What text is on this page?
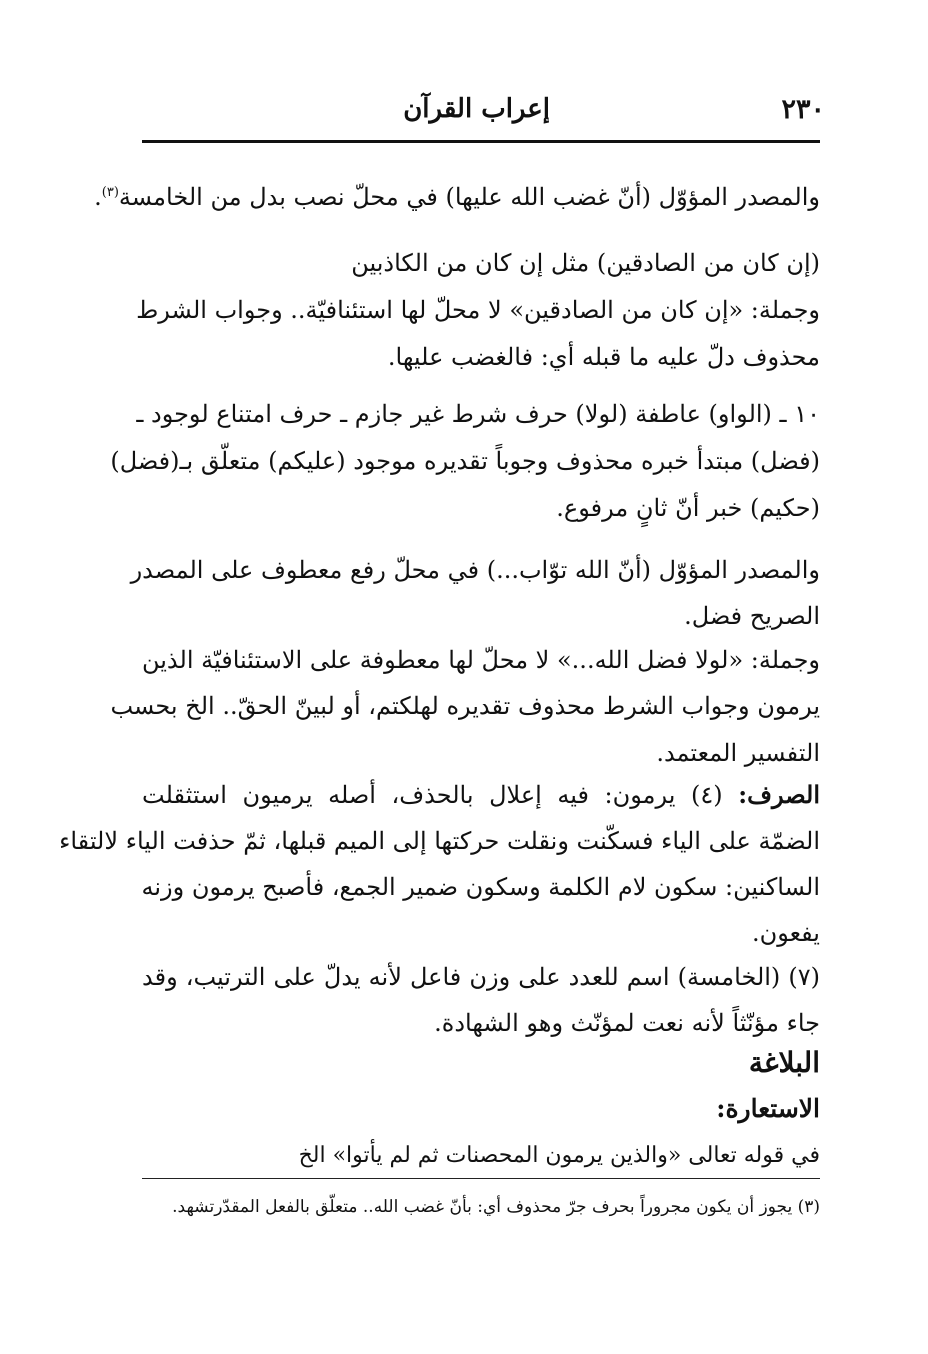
٢٣٠
إعراب القرآن
والمصدر المؤوّل (أنّ غضب الله عليها) في محلّ نصب بدل من الخامسة$^{(٣)}$.
(إن كان من الصادقين) مثل إن كان من الكاذبين
وجملة: «إن كان من الصادقين» لا محلّ لها استئنافيّة.. وجواب الشرط
محذوف دلّ عليه ما قبله أي: فالغضب عليها.
١٠ ـ (الواو) عاطفة (لولا) حرف شرط غير جازم ـ حرف امتناع لوجود ـ
(فضل) مبتدأ خبره محذوف وجوباً تقديره موجود (عليكم) متعلّق بـ(فضل)
(حكيم) خبر أنّ ثانٍ مرفوع.
والمصدر المؤوّل (أنّ الله توّاب...) في محلّ رفع معطوف على المصدر
الصريح فضل.
وجملة: «لولا فضل الله...» لا محلّ لها معطوفة على الاستئنافيّة الذين
يرمون وجواب الشرط محذوف تقديره لهلكتم، أو لبينّ الحقّ.. الخ بحسب
التفسير المعتمد.
الصرف: (٤) يرمون: فيه إعلال بالحذف، أصله يرميون استثقلت
الضمّة على الياء فسكّنت ونقلت حركتها إلى الميم قبلها، ثمّ حذفت الياء لالتقاء
الساكنين: سكون لام الكلمة وسكون ضمير الجمع، فأصبح يرمون وزنه
يفعون.
(٧) (الخامسة) اسم للعدد على وزن فاعل لأنه يدلّ على الترتيب، وقد
جاء مؤنّثاً لأنه نعت لمؤنّث وهو الشهادة.
البلاغة
الاستعارة:
في قوله تعالى «والذين يرمون المحصنات ثم لم يأتوا» الخ
(٣) يجوز أن يكون مجروراً بحرف جرّ محذوف أي: بأنّ غضب الله.. متعلّق بالفعل المقدّرتشهد.
